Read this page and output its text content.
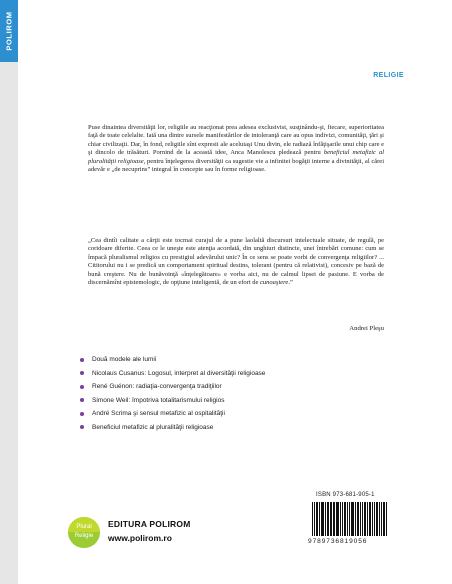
POLIROM
RELIGIE

Puse dinaintea diversităţii lor, religiile au reacţionat prea adesea exclusivist, susţinându-şi, fiecare, superioritatea faţă de toate celelalte. Iată una dintre sursele manifestărilor de intoleranţă care au opus indivizi, comunităţi, ţări şi chiar civilizaţii. Dar, în fond, religiile sînt expresii ale aceluiaşi Unu divin, ele radiază înfăţişarile unui chip care e şi dincolo de trăsături. Pornind de la această idee, Anca Manolescu pledează pentru beneficiul metafizic al pluralităţii religioase, pentru înţelegerea diversităţii ca sugestie vie a infinitei bogăţii interne a divinităţii, al cărei adevăr e „de necuprins” integral în concepte sau în forme religioase.

„Cea dintîi calitate a cărţii este tocmai curajul de a pune laolaltă discursuri intelectuale situate, de regulă, pe coridoare diferite. Ceea ce le uneşte este atenţia acordată, din unghiuri distincte, unei întrebări comune: cum se împacă pluralismul religios cu prestigiul adevărului unic? În ce sens se poate vorbi de convergenţa religiilor? ... Cititorului nu i se predică un comportament spiritual destins, tolerant (pentru că relativist), concesiv pe bază de bună creştere. Nu de bunăvoinţă «înţelegătoare» e vorba aici, nu de calmul lipsei de pasiune. E vorba de discernămînt epistemologic, de opţiune inteligentă, de un efort de cunoaştere.”

Andrei Pleşu
Două modele ale lumii
Nicolaus Cusanus: Logosul, interpret al diversităţii religioase
René Guénon: radiaţia-convergenţa tradiţiilor
Simone Weil: împotriva totalitarismului religios
André Scrima şi sensul metafizic al ospitalităţii
Beneficiul metafizic al pluralităţii religioase
ISBN 973-681-905-1
9789736819056
Plural
Religie
EDITURA POLIROM
www.polirom.ro
